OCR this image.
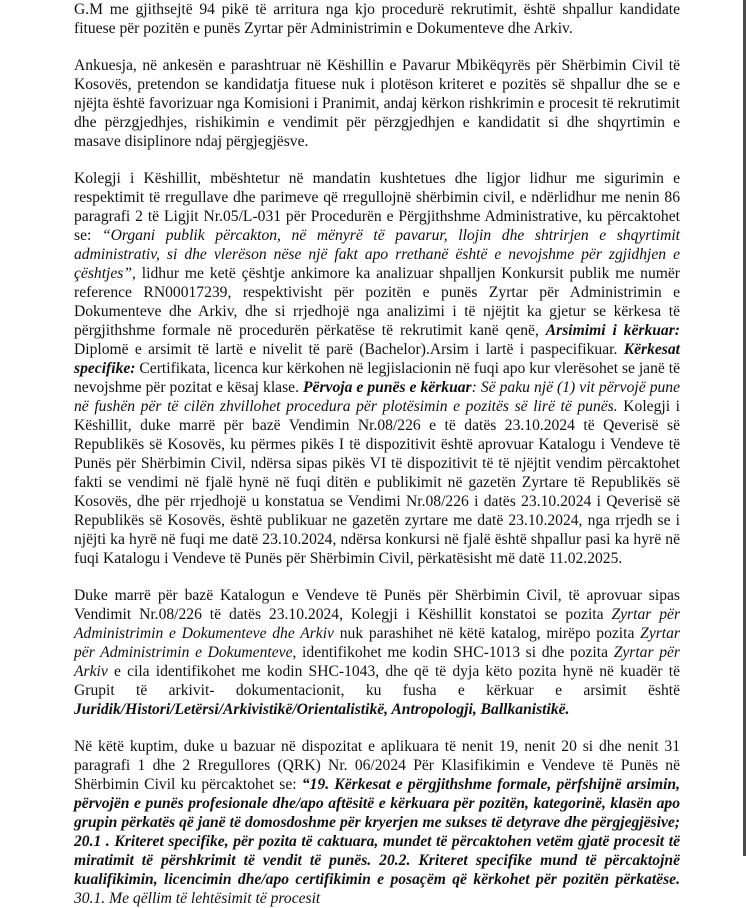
G.M me gjithsejtë 94 pikë të arritura nga kjo procedurë rekrutimit, është shpallur kandidate fituese për pozitën e punës Zyrtar për Administrimin e Dokumenteve dhe Arkiv.

Ankuesja, në ankesën e parashtruar në Këshillin e Pavarur Mbikëqyrës për Shërbimin Civil të Kosovës, pretendon se kandidatja fituese nuk i plotëson kriteret e pozitës së shpallur dhe se e njëjta është favorizuar nga Komisioni i Pranimit, andaj kërkon rishkrimin e procesit të rekrutimit dhe përzgjedhjes, rishikimin e vendimit për përzgjedhjen e kandidatit si dhe shqyrtimin e masave disiplinore ndaj përgjegjësve.

Kolegji i Këshillit, mbështetur në mandatin kushtetues dhe ligjor lidhur me sigurimin e respektimit të rregullave dhe parimeve që rregullojnë shërbimin civil, e ndërlidhur me nenin 86 paragrafi 2 të Ligjit Nr.05/L-031 për Procedurën e Përgjithshme Administrative, ku përcaktohet se: “Organi publik përcakton, në mënyrë të pavarur, llojin dhe shtrirjen e shqyrtimit administrativ, si dhe vlerëson nëse një fakt apo rrethanë është e nevojshme për zgjidhjen e çështjes”, lidhur me ketë çështje ankimore ka analizuar shpalljen Konkursit publik me numër reference RN00017239, respektivisht për pozitën e punës Zyrtar për Administrimin e Dokumenteve dhe Arkiv, dhe si rrjedhojë nga analizimi i të njëjtit ka gjetur se kërkesa të përgjithshme formale në procedurën përkatëse të rekrutimit kanë qenë, Arsimimi i kërkuar: Diplomë e arsimit të lartë e nivelit të parë (Bachelor).Arsim i lartë i paspecifikuar. Kërkesat specifike: Certifikata, licenca kur kërkohen në legjislacionin në fuqi apo kur vlerësohet se janë të nevojshme për pozitat e kësaj klase. Përvoja e punës e kërkuar: Së paku një (1) vit përvojë pune në fushën për të cilën zhvillohet procedura për plotësimin e pozitës së lirë të punës. Kolegji i Këshillit, duke marrë për bazë Vendimin Nr.08/226 e të datës 23.10.2024 të Qeverisë së Republikës së Kosovës, ku përmes pikës I të dispozitivit është aprovuar Katalogu i Vendeve të Punës për Shërbimin Civil, ndërsa sipas pikës VI të dispozitivit të të njëjtit vendim përcaktohet fakti se vendimi në fjalë hynë në fuqi ditën e publikimit në gazetën Zyrtare të Republikës së Kosovës, dhe për rrjedhojë u konstatua se Vendimi Nr.08/226 i datës 23.10.2024 i Qeverisë së Republikës së Kosovës, është publikuar ne gazetën zyrtare me datë 23.10.2024, nga rrjedh se i njëjti ka hyrë në fuqi me datë 23.10.2024, ndërsa konkursi në fjalë është shpallur pasi ka hyrë në fuqi Katalogu i Vendeve të Punës për Shërbimin Civil, përkatësisht më datë 11.02.2025.

Duke marrë për bazë Katalogun e Vendeve të Punës për Shërbimin Civil, të aprovuar sipas Vendimit Nr.08/226 të datës 23.10.2024, Kolegji i Këshillit konstatoi se pozita Zyrtar për Administrimin e Dokumenteve dhe Arkiv nuk parashihet në këtë katalog, mirëpo pozita Zyrtar për Administrimin e Dokumenteve, identifikohet me kodin SHC-1013 si dhe pozita Zyrtar për Arkiv e cila identifikohet me kodin SHC-1043, dhe që të dyja këto pozita hynë në kuadër të Grupit të arkivit- dokumentacionit, ku fusha e kërkuar e arsimit është Juridik/Histori/Letërsi/Arkivistikë/Orientalistikë, Antropologji, Ballkanistikë.

Në këtë kuptim, duke u bazuar në dispozitat e aplikuara të nenit 19, nenit 20 si dhe nenit 31 paragrafi 1 dhe 2 Rregullores (QRK) Nr. 06/2024 Për Klasifikimin e Vendeve të Punës në Shërbimin Civil ku përcaktohet se: “19. Kërkesat e përgjithshme formale, përfshijnë arsimin, përvojën e punës profesionale dhe/apo aftësitë e kërkuara për pozitën, kategorinë, klasën apo grupin përkatës që janë të domosdoshme për kryerjen me sukses të detyrave dhe përgjegjësive; 20.1 . Kriteret specifike, për pozita të caktuara, mundet të përcaktohen vetëm gjatë procesit të miratimit të përshkrimit të vendit të punës. 20.2. Kriteret specifike mund të përcaktojnë kualifikimin, licencimin dhe/apo certifikimin e posaçëm që kërkohet për pozitën përkatëse. 30.1. Me qëllim të lehtësimit të procesit
